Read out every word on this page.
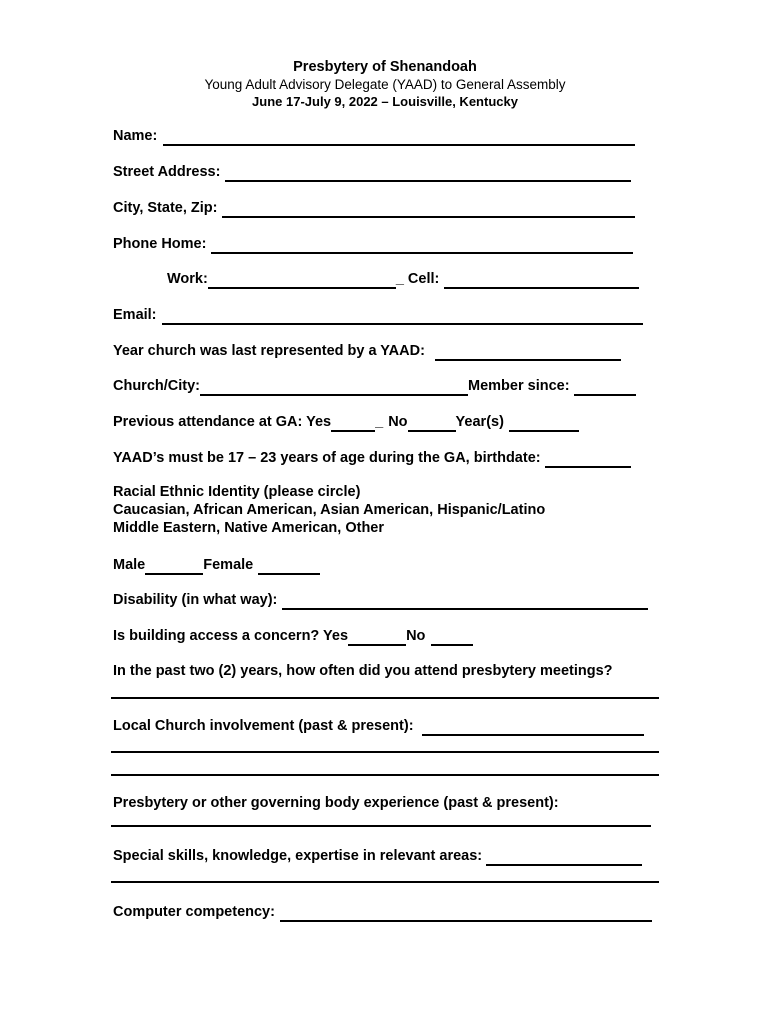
Presbytery of Shenandoah
Young Adult Advisory Delegate (YAAD) to General Assembly
June 17-July 9, 2022 – Louisville, Kentucky
Name:
Street Address:
City, State, Zip:
Phone Home:
Work:	_ Cell:
Email:
Year church was last represented by a YAAD:
Church/City:	Member since:
Previous attendance at GA: Yes	_ No	Year(s)
YAAD’s must be 17 – 23 years of age during the GA, birthdate:
Racial Ethnic Identity (please circle)
Caucasian, African American, Asian American, Hispanic/Latino
Middle Eastern, Native American, Other
Male	Female
Disability (in what way):
Is building access a concern? Yes	No
In the past two (2) years, how often did you attend presbytery meetings?
Local Church involvement (past & present):
Presbytery or other governing body experience (past & present):
Special skills, knowledge, expertise in relevant areas:
Computer competency:
